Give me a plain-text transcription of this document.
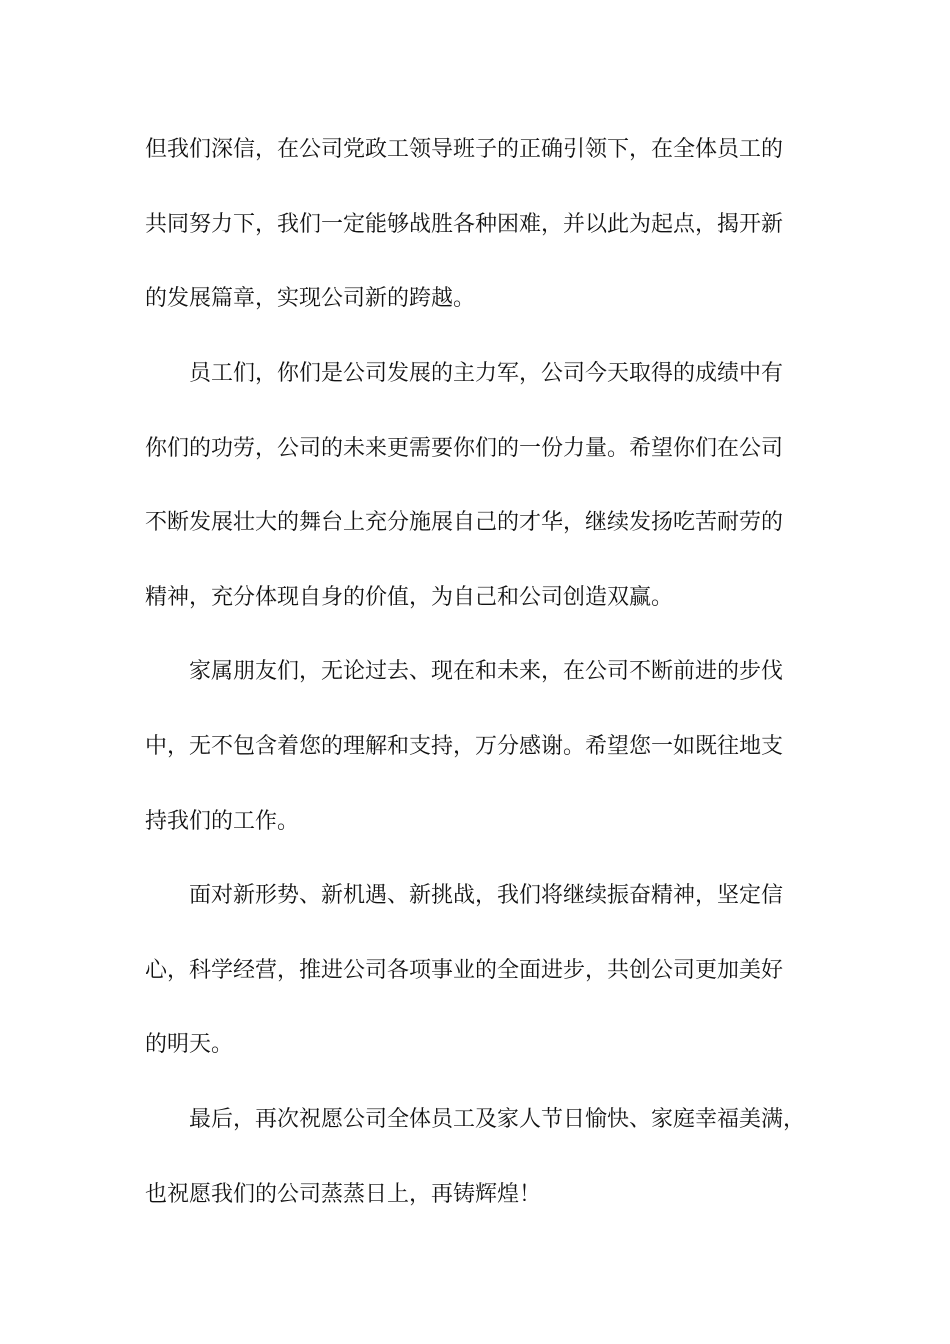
但我们深信，在公司党政工领导班子的正确引领下，在全体员工的
共同努力下，我们一定能够战胜各种困难，并以此为起点，揭开新
的发展篇章，实现公司新的跨越。
员工们，你们是公司发展的主力军，公司今天取得的成绩中有
你们的功劳，公司的未来更需要你们的一份力量。希望你们在公司
不断发展壮大的舞台上充分施展自己的才华，继续发扬吃苦耐劳的
精神，充分体现自身的价值，为自己和公司创造双赢。
家属朋友们，无论过去、现在和未来，在公司不断前进的步伐
中，无不包含着您的理解和支持，万分感谢。希望您一如既往地支
持我们的工作。
面对新形势、新机遇、新挑战，我们将继续振奋精神，坚定信
心，科学经营，推进公司各项事业的全面进步，共创公司更加美好
的明天。
最后，再次祝愿公司全体员工及家人节日愉快、家庭幸福美满，
也祝愿我们的公司蒸蒸日上，再铸辉煌！
